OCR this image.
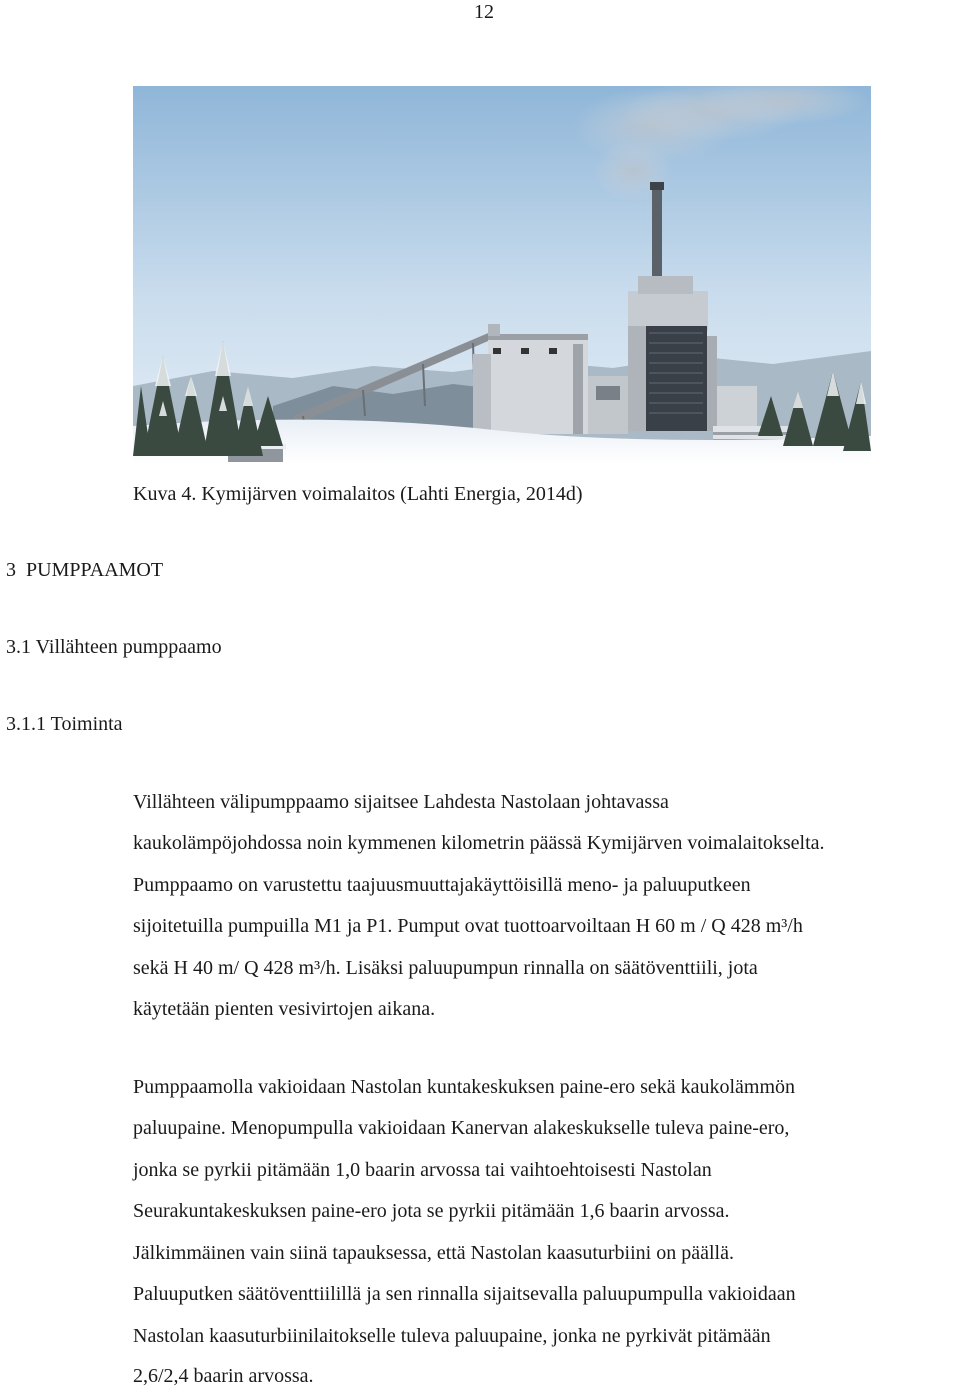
12
Kuva 4. Kymijärven voimalaitos (Lahti Energia, 2014d)
3  PUMPPAAMOT
3.1 Villähteen pumppaamo
3.1.1 Toiminta
Villähteen välipumppaamo sijaitsee Lahdesta Nastolaan johtavassa
kaukolämpöjohdossa noin kymmenen kilometrin päässä Kymijärven voimalaitokselta.
Pumppaamo on varustettu taajuusmuuttajakäyttöisillä meno- ja paluuputkeen
sijoitetuilla pumpuilla M1 ja P1. Pumput ovat tuottoarvoiltaan H 60 m / Q 428 m³/h
sekä H 40 m/ Q 428 m³/h. Lisäksi paluupumpun rinnalla on säätöventtiili, jota
käytetään pienten vesivirtojen aikana.
Pumppaamolla vakioidaan Nastolan kuntakeskuksen paine-ero sekä kaukolämmön
paluupaine. Menopumpulla vakioidaan Kanervan alakeskukselle tuleva paine-ero,
jonka se pyrkii pitämään 1,0 baarin arvossa tai vaihtoehtoisesti Nastolan
Seurakuntakeskuksen paine-ero jota se pyrkii pitämään 1,6 baarin arvossa.
Jälkimmäinen vain siinä tapauksessa, että Nastolan kaasuturbiini on päällä.
Paluuputken säätöventtiilillä ja sen rinnalla sijaitsevalla paluupumpulla vakioidaan
Nastolan kaasuturbiinilaitokselle tuleva paluupaine, jonka ne pyrkivät pitämään
2,6/2,4 baarin arvossa.
